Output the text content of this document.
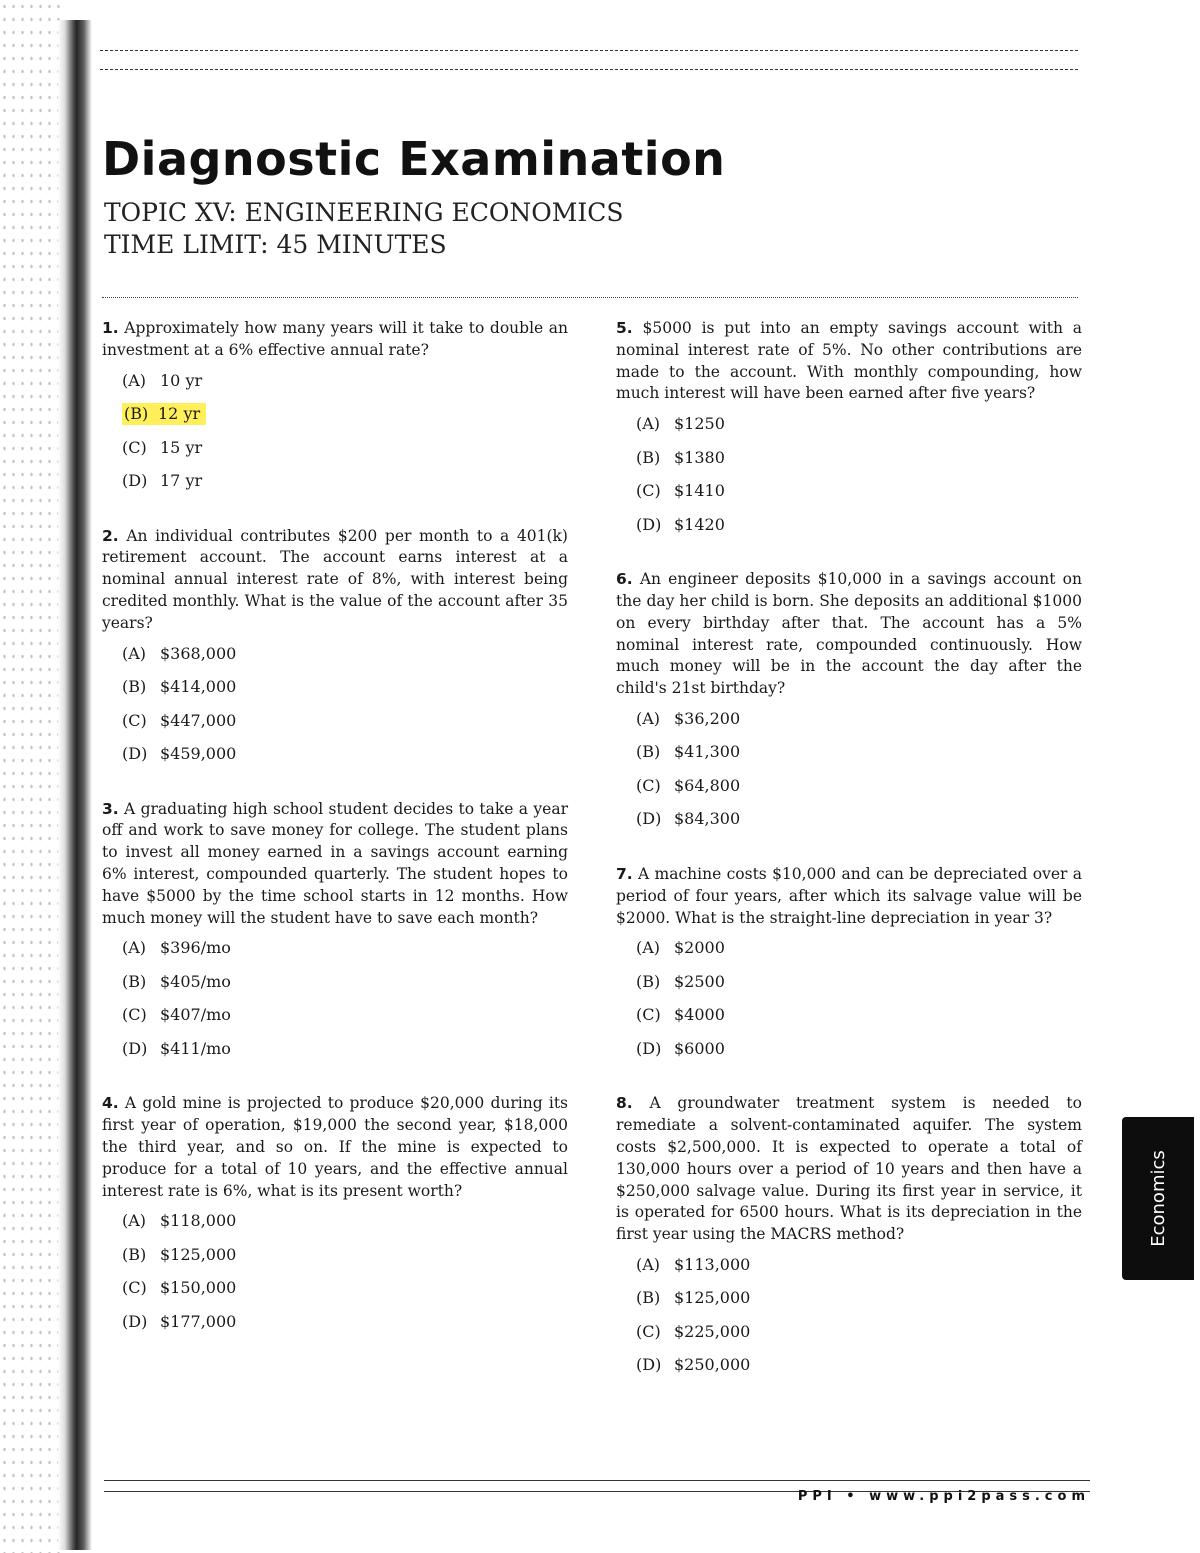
Diagnostic Examination
TOPIC XV: ENGINEERING ECONOMICS
TIME LIMIT: 45 MINUTES

1. Approximately how many years will it take to double an investment at a 6% effective annual rate?

(A) 10 yr
(B) 12 yr
(C) 15 yr
(D) 17 yr

2. An individual contributes $200 per month to a 401(k) retirement account. The account earns interest at a nominal annual interest rate of 8%, with interest being credited monthly. What is the value of the account after 35 years?

(A) $368,000
(B) $414,000
(C) $447,000
(D) $459,000

3. A graduating high school student decides to take a year off and work to save money for college. The student plans to invest all money earned in a savings account earning 6% interest, compounded quarterly. The student hopes to have $5000 by the time school starts in 12 months. How much money will the student have to save each month?

(A) $396/mo
(B) $405/mo
(C) $407/mo
(D) $411/mo

4. A gold mine is projected to produce $20,000 during its first year of operation, $19,000 the second year, $18,000 the third year, and so on. If the mine is expected to produce for a total of 10 years, and the effective annual interest rate is 6%, what is its present worth?

(A) $118,000
(B) $125,000
(C) $150,000
(D) $177,000

5. $5000 is put into an empty savings account with a nominal interest rate of 5%. No other contributions are made to the account. With monthly compounding, how much interest will have been earned after five years?

(A) $1250
(B) $1380
(C) $1410
(D) $1420

6. An engineer deposits $10,000 in a savings account on the day her child is born. She deposits an additional $1000 on every birthday after that. The account has a 5% nominal interest rate, compounded continuously. How much money will be in the account the day after the child's 21st birthday?

(A) $36,200
(B) $41,300
(C) $64,800
(D) $84,300

7. A machine costs $10,000 and can be depreciated over a period of four years, after which its salvage value will be $2000. What is the straight-line depreciation in year 3?

(A) $2000
(B) $2500
(C) $4000
(D) $6000

8. A groundwater treatment system is needed to remediate a solvent-contaminated aquifer. The system costs $2,500,000. It is expected to operate a total of 130,000 hours over a period of 10 years and then have a $250,000 salvage value. During its first year in service, it is operated for 6500 hours. What is its depreciation in the first year using the MACRS method?

(A) $113,000
(B) $125,000
(C) $225,000
(D) $250,000
Economics
PPI • www.ppi2pass.com
